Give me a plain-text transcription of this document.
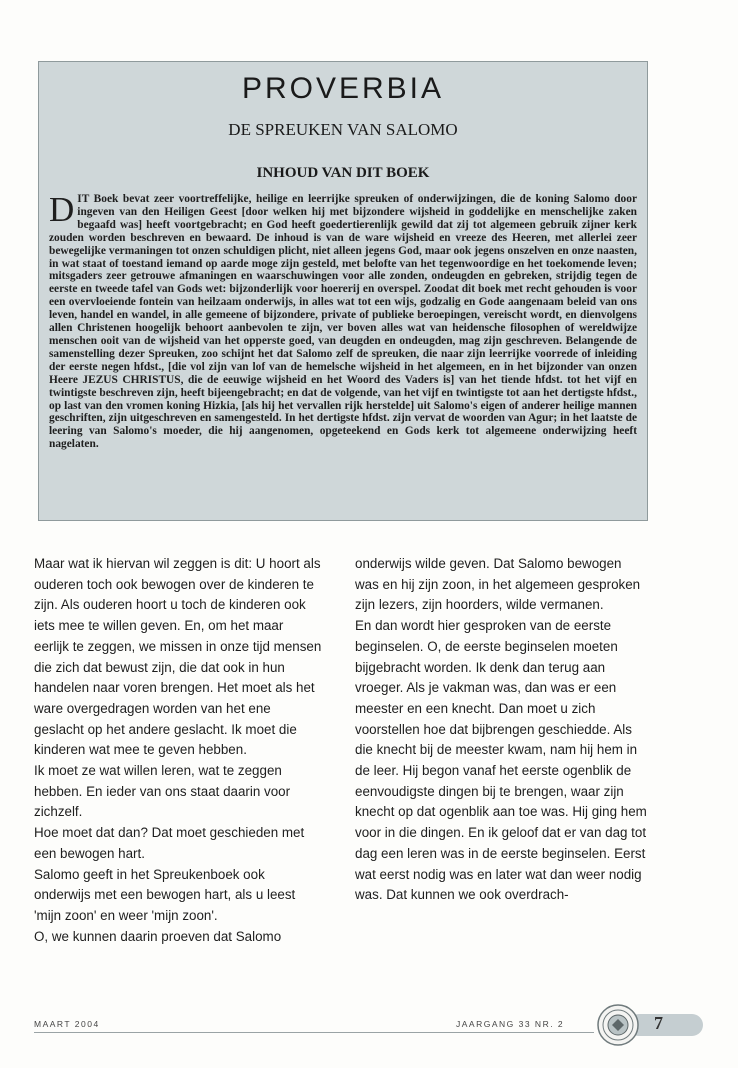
PROVERBIA
DE SPREUKEN VAN SALOMO
INHOUD VAN DIT BOEK
DIT Boek bevat zeer voortreffelijke, heilige en leerrijke spreuken of onderwijzingen, die de koning Salomo door ingeven van den Heiligen Geest [door welken hij met bijzondere wijsheid in goddelijke en menschelijke zaken begaafd was] heeft voortgebracht; en God heeft goedertierenlijk gewild dat zij tot algemeen gebruik zijner kerk zouden worden beschreven en bewaard. De inhoud is van de ware wijsheid en vreeze des Heeren, met allerlei zeer bewegelijke vermaningen tot onzen schuldigen plicht, niet alleen jegens God, maar ook jegens onszelven en onze naasten, in wat staat of toestand iemand op aarde moge zijn gesteld, met belofte van het tegenwoordige en het toekomende leven; mitsgaders zeer getrouwe afmaningen en waarschuwingen voor alle zonden, ondeugden en gebreken, strijdig tegen de eerste en tweede tafel van Gods wet: bijzonderlijk voor hoererij en overspel. Zoodat dit boek met recht gehouden is voor een overvloeiende fontein van heilzaam onderwijs, in alles wat tot een wijs, godzalig en Gode aangenaam beleid van ons leven, handel en wandel, in alle gemeene of bijzondere, private of publieke beroepingen, vereischt wordt, en dienvolgens allen Christenen hoogelijk behoort aanbevolen te zijn, ver boven alles wat van heidensche filosophen of wereldwijze menschen ooit van de wijsheid van het opperste goed, van deugden en ondeugden, mag zijn geschreven. Belangende de samenstelling dezer Spreuken, zoo schijnt het dat Salomo zelf de spreuken, die naar zijn leerrijke voorrede of inleiding der eerste negen hfdst., [die vol zijn van lof van de hemelsche wijsheid in het algemeen, en in het bijzonder van onzen Heere JEZUS CHRISTUS, die de eeuwige wijsheid en het Woord des Vaders is] van het tiende hfdst. tot het vijf en twintigste beschreven zijn, heeft bijeengebracht; en dat de volgende, van het vijf en twintigste tot aan het dertigste hfdst., op last van den vromen koning Hizkia, [als hij het vervallen rijk herstelde] uit Salomo's eigen of anderer heilige mannen geschriften, zijn uitgeschreven en samengesteld. In het dertigste hfdst. zijn vervat de woorden van Agur; in het laatste de leering van Salomo's moeder, die hij aangenomen, opgeteekend en Gods kerk tot algemeene onderwijzing heeft nagelaten.

Maar wat ik hiervan wil zeggen is dit: U hoort als ouderen toch ook bewogen over de kinderen te zijn. Als ouderen hoort u toch de kinderen ook iets mee te willen geven. En, om het maar eerlijk te zeggen, we missen in onze tijd mensen die zich dat bewust zijn, die dat ook in hun handelen naar voren brengen. Het moet als het ware overgedragen worden van het ene geslacht op het andere geslacht. Ik moet die kinderen wat mee te geven hebben.

Ik moet ze wat willen leren, wat te zeggen hebben. En ieder van ons staat daarin voor zichzelf.

Hoe moet dat dan? Dat moet geschieden met een bewogen hart.

Salomo geeft in het Spreukenboek ook onderwijs met een bewogen hart, als u leest 'mijn zoon' en weer 'mijn zoon'.

O, we kunnen daarin proeven dat Salomo

onderwijs wilde geven. Dat Salomo bewogen was en hij zijn zoon, in het algemeen gesproken zijn lezers, zijn hoorders, wilde vermanen.

En dan wordt hier gesproken van de eerste beginselen. O, de eerste beginselen moeten bijgebracht worden. Ik denk dan terug aan vroeger. Als je vakman was, dan was er een meester en een knecht. Dan moet u zich voorstellen hoe dat bijbrengen geschiedde. Als die knecht bij de meester kwam, nam hij hem in de leer. Hij begon vanaf het eerste ogenblik de eenvoudigste dingen bij te brengen, waar zijn knecht op dat ogenblik aan toe was. Hij ging hem voor in die dingen. En ik geloof dat er van dag tot dag een leren was in de eerste beginselen. Eerst wat eerst nodig was en later wat dan weer nodig was. Dat kunnen we ook overdrach-

MAART 2004	JAARGANG 33 NR. 2	7
